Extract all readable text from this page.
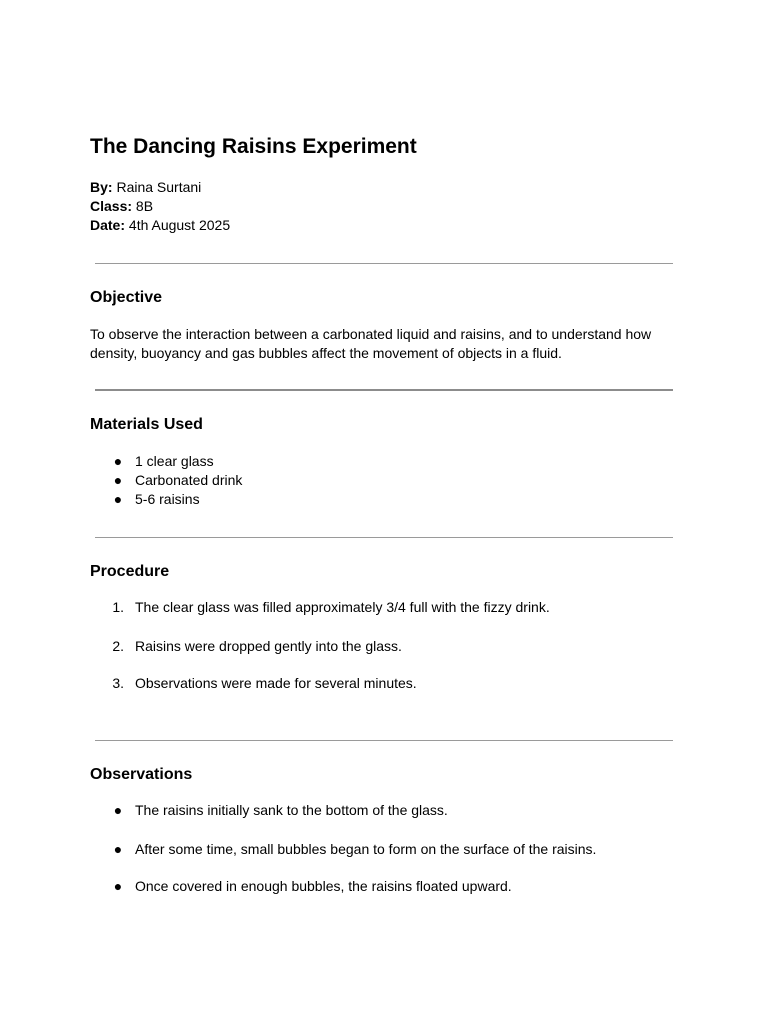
The Dancing Raisins Experiment
By: Raina Surtani
Class: 8B
Date: 4th August 2025
Objective

To observe the interaction between a carbonated liquid and raisins, and to understand how density, buoyancy and gas bubbles affect the movement of objects in a fluid.

Materials Used
● 1 clear glass
● Carbonated drink
● 5-6 raisins
Procedure
1. The clear glass was filled approximately 3/4 full with the fizzy drink.
2. Raisins were dropped gently into the glass.
3. Observations were made for several minutes.
Observations
● The raisins initially sank to the bottom of the glass.
● After some time, small bubbles began to form on the surface of the raisins.
● Once covered in enough bubbles, the raisins floated upward.
